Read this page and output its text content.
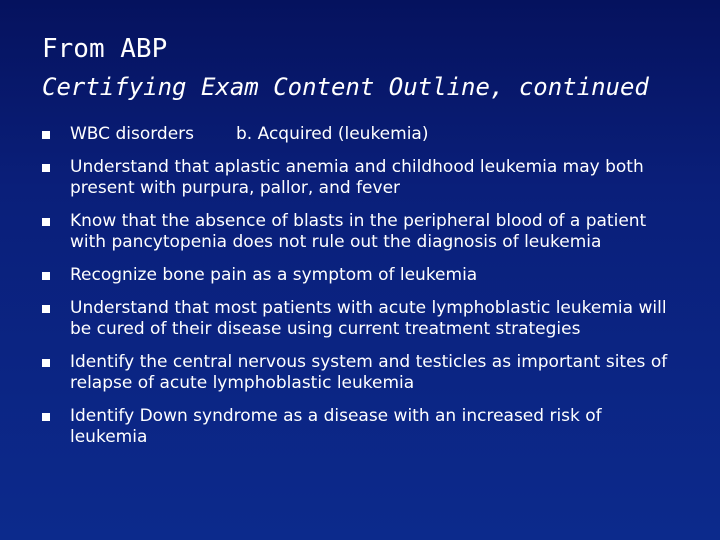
From ABP
Certifying Exam Content Outline, continued
WBC disorders b. Acquired (leukemia)
Understand that aplastic anemia and childhood leukemia may both present with purpura, pallor, and fever
Know that the absence of blasts in the peripheral blood of a patient with pancytopenia does not rule out the diagnosis of leukemia
Recognize bone pain as a symptom of leukemia
Understand that most patients with acute lymphoblastic leukemia will be cured of their disease using current treatment strategies
Identify the central nervous system and testicles as important sites of relapse of acute lymphoblastic leukemia
Identify Down syndrome as a disease with an increased risk of leukemia
